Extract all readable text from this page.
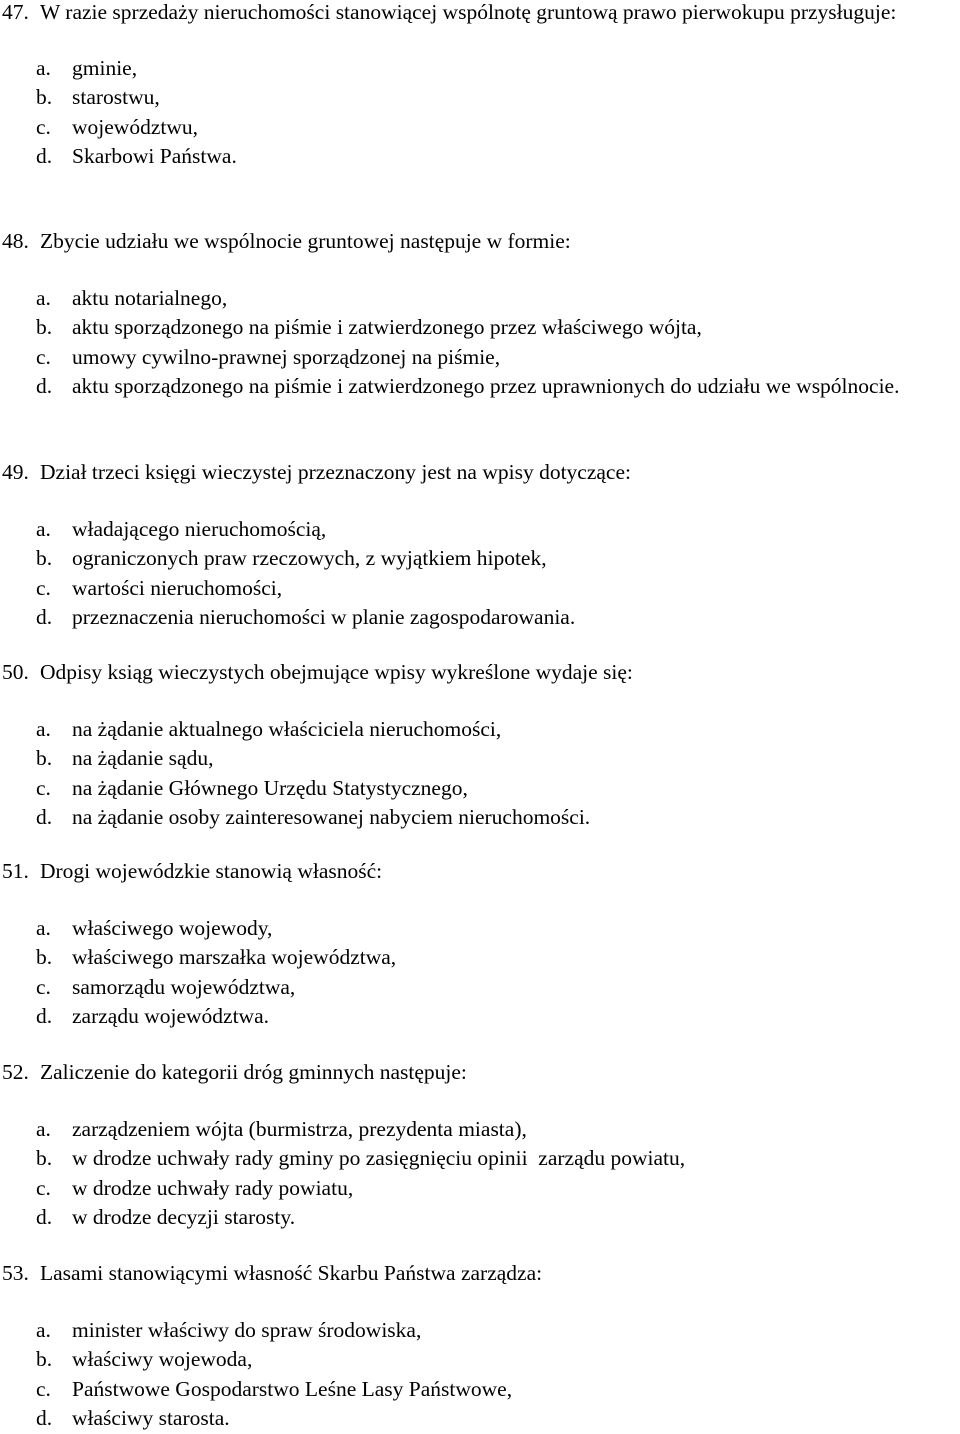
47. W razie sprzedaży nieruchomości stanowiącej wspólnotę gruntową prawo pierwokupu przysługuje:
a. gminie,
b. starostwu,
c. województwu,
d. Skarbowi Państwa.
48. Zbycie udziału we wspólnocie gruntowej następuje w formie:
a. aktu notarialnego,
b. aktu sporządzonego na piśmie i zatwierdzonego przez właściwego wójta,
c. umowy cywilno-prawnej sporządzonej na piśmie,
d. aktu sporządzonego na piśmie i zatwierdzonego przez uprawnionych do udziału we wspólnocie.
49. Dział trzeci księgi wieczystej przeznaczony jest na wpisy dotyczące:
a. władającego nieruchomością,
b. ograniczonych praw rzeczowych, z wyjątkiem hipotek,
c. wartości nieruchomości,
d. przeznaczenia nieruchomości w planie zagospodarowania.
50. Odpisy ksiąg wieczystych obejmujące wpisy wykreślone wydaje się:
a. na żądanie aktualnego właściciela nieruchomości,
b. na żądanie sądu,
c. na żądanie Głównego Urzędu Statystycznego,
d. na żądanie osoby zainteresowanej nabyciem nieruchomości.
51. Drogi wojewódzkie stanowią własność:
a. właściwego wojewody,
b. właściwego marszałka województwa,
c. samorządu województwa,
d. zarządu województwa.
52. Zaliczenie do kategorii dróg gminnych następuje:
a. zarządzeniem wójta (burmistrza, prezydenta miasta),
b. w drodze uchwały rady gminy po zasięgnięciu opinii  zarządu powiatu,
c. w drodze uchwały rady powiatu,
d. w drodze decyzji starosty.
53. Lasami stanowiącymi własność Skarbu Państwa zarządza:
a. minister właściwy do spraw środowiska,
b. właściwy wojewoda,
c. Państwowe Gospodarstwo Leśne Lasy Państwowe,
d. właściwy starosta.
